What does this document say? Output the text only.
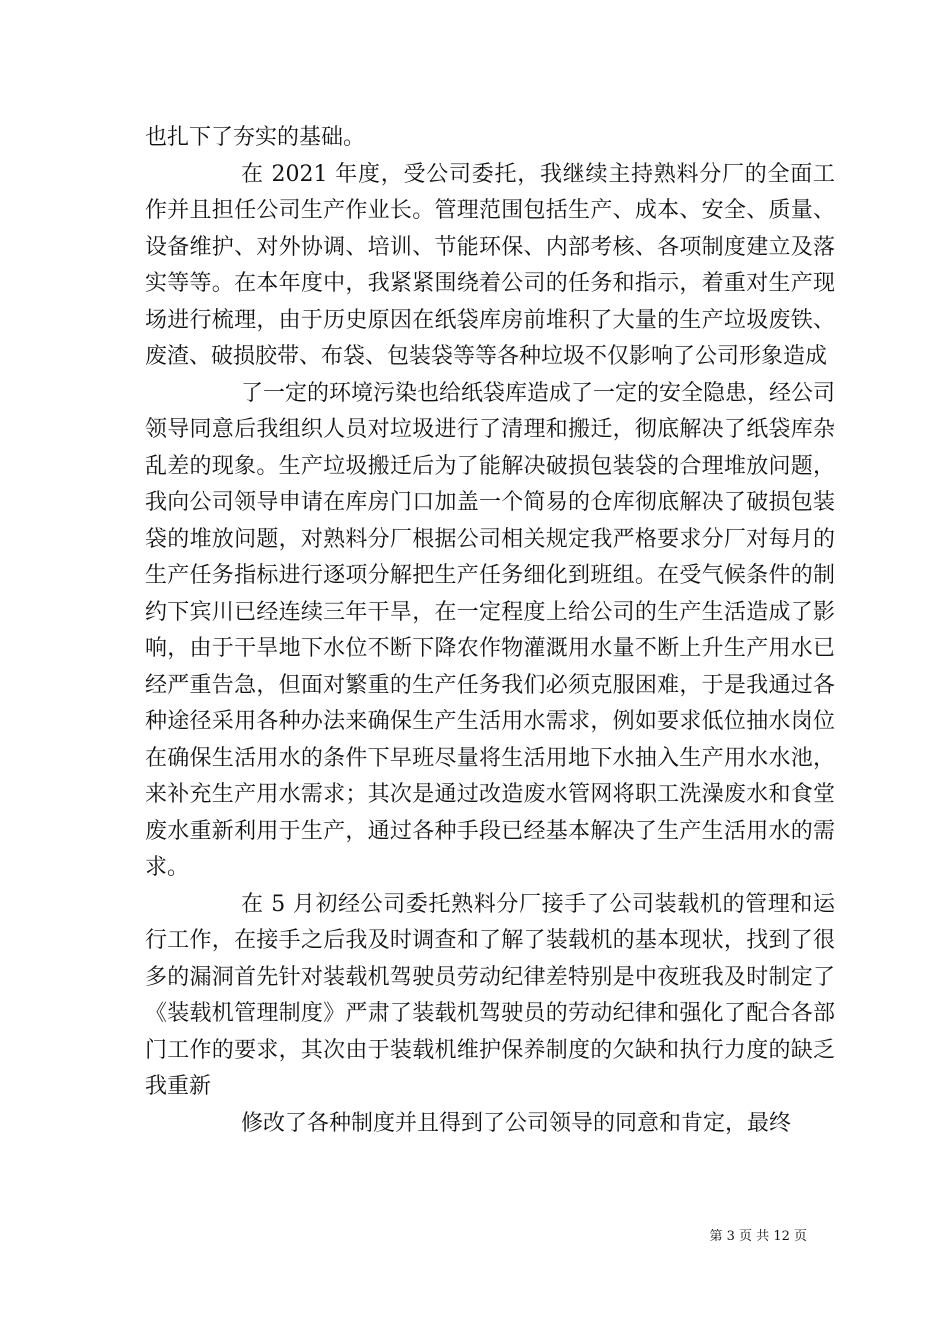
也扎下了夯实的基础。

在 2021 年度，受公司委托，我继续主持熟料分厂的全面工作并且担任公司生产作业长。管理范围包括生产、成本、安全、质量、设备维护、对外协调、培训、节能环保、内部考核、各项制度建立及落实等等。在本年度中，我紧紧围绕着公司的任务和指示，着重对生产现场进行梳理，由于历史原因在纸袋库房前堆积了大量的生产垃圾废铁、废渣、破损胶带、布袋、包装袋等等各种垃圾不仅影响了公司形象造成

了一定的环境污染也给纸袋库造成了一定的安全隐患，经公司领导同意后我组织人员对垃圾进行了清理和搬迁，彻底解决了纸袋库杂乱差的现象。生产垃圾搬迁后为了能解决破损包装袋的合理堆放问题，我向公司领导申请在库房门口加盖一个简易的仓库彻底解决了破损包装袋的堆放问题，对熟料分厂根据公司相关规定我严格要求分厂对每月的生产任务指标进行逐项分解把生产任务细化到班组。在受气候条件的制约下宾川已经连续三年干旱，在一定程度上给公司的生产生活造成了影响，由于干旱地下水位不断下降农作物灌溉用水量不断上升生产用水已经严重告急，但面对繁重的生产任务我们必须克服困难，于是我通过各种途径采用各种办法来确保生产生活用水需求，例如要求低位抽水岗位在确保生活用水的条件下早班尽量将生活用地下水抽入生产用水水池，来补充生产用水需求；其次是通过改造废水管网将职工洗澡废水和食堂废水重新利用于生产，通过各种手段已经基本解决了生产生活用水的需求。

在 5 月初经公司委托熟料分厂接手了公司装载机的管理和运行工作，在接手之后我及时调查和了解了装载机的基本现状，找到了很多的漏洞首先针对装载机驾驶员劳动纪律差特别是中夜班我及时制定了《装载机管理制度》严肃了装载机驾驶员的劳动纪律和强化了配合各部门工作的要求，其次由于装载机维护保养制度的欠缺和执行力度的缺乏我重新

修改了各种制度并且得到了公司领导的同意和肯定，最终

第 3 页 共 12 页
